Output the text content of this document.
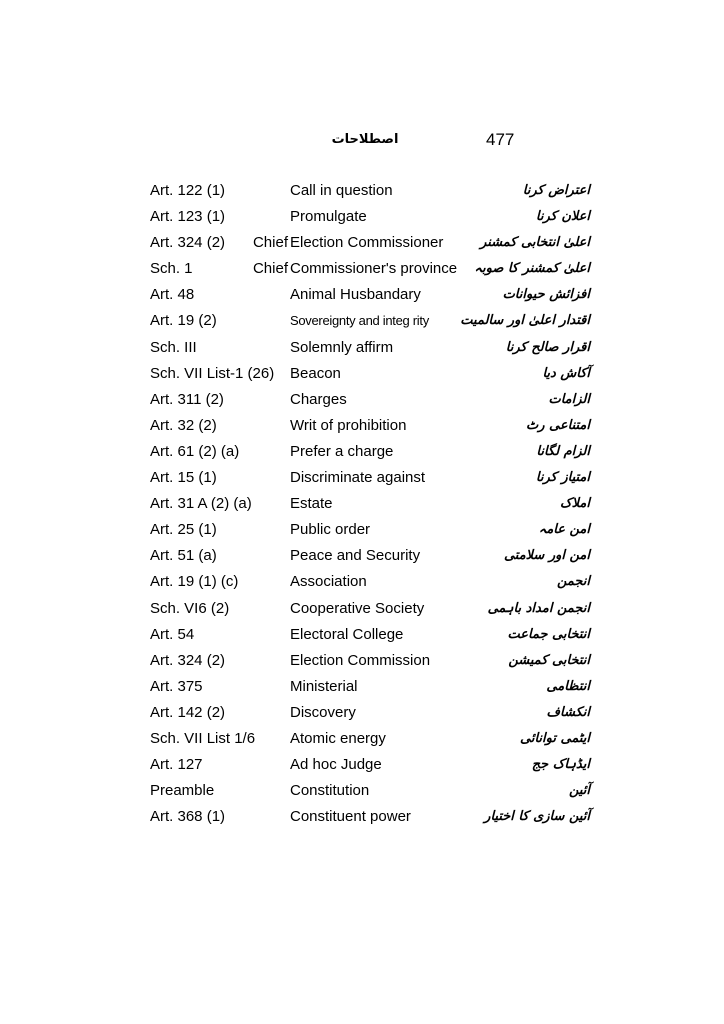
اصطلاحات	477
Art. 122 (1)	Call in question	اعتراض کرنا
Art. 123 (1)	Promulgate	اعلان کرنا
Art. 324 (2) Chief Election Commissioner	اعلیٰ انتخابی کمشنر
Sch. 1	Chief Commissioner's province اعلیٰ کمشنر کا صوبہ
Art. 48	Animal Husbandary	افزائش حیوانات
Art. 19 (2)	Sovereignty and integ rity اقتدار اعلیٰ اور سالمیت
Sch. III	Solemnly affirm	اقرار صالح کرنا
Sch. VII List-1 (26) Beacon	آکاش دیا
Art. 311 (2)	Charges	الزامات
Art. 32 (2)	Writ of prohibition	امتناعی رٹ
Art. 61 (2) (a)	Prefer a charge	الزام لگانا
Art. 15 (1)	Discriminate against	امتیاز کرنا
Art. 31 A (2) (a)	Estate	املاک
Art. 25 (1)	Public order	امن عامہ
Art. 51 (a)	Peace and Security	امن اور سلامتی
Art. 19 (1) (c)	Association	انجمن
Sch. VI6 (2)	Cooperative Society	انجمن امداد باہمی
Art. 54	Electoral College	انتخابی جماعت
Art. 324 (2)	Election Commission	انتخابی کمیشن
Art. 375	Ministerial	انتظامی
Art. 142 (2)	Discovery	انکشاف
Sch. VII List 1/6 Atomic energy	ایٹمی توانائی
Art. 127	Ad hoc Judge	ایڈہاک جج
Preamble	Constitution	آئین
Art. 368 (1)	Constituent power	آئین سازی کا اختیار
